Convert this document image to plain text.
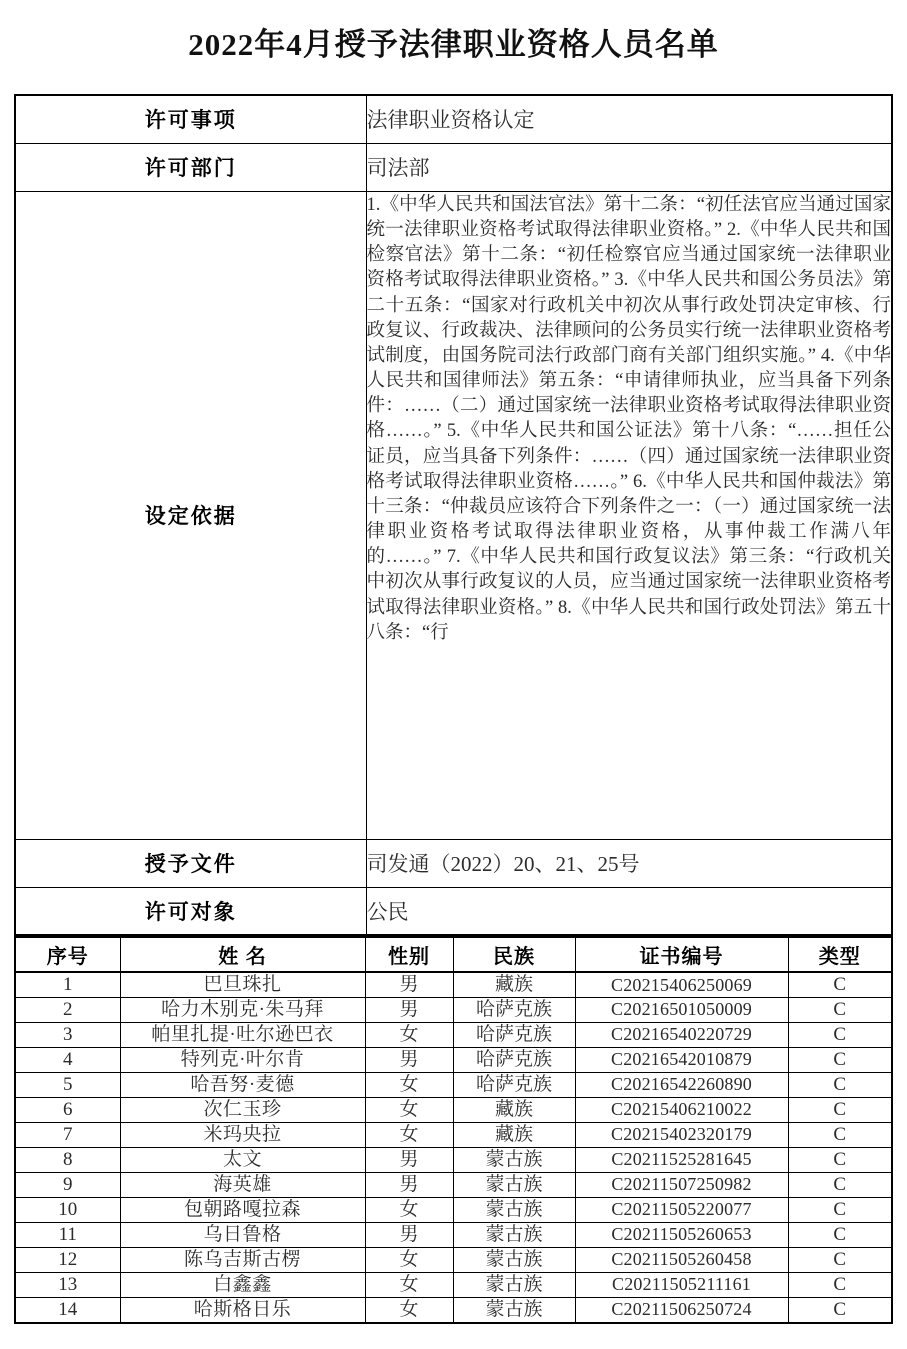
2022年4月授予法律职业资格人员名单
许可事项	法律职业资格认定
许可部门	司法部
设定依据	1.《中华人民共和国法官法》第十二条：“初任法官应当通过国家统一法律职业资格考试取得法律职业资格。” 2.《中华人民共和国检察官法》第十二条：“初任检察官应当通过国家统一法律职业资格考试取得法律职业资格。” 3.《中华人民共和国公务员法》第二十五条：“国家对行政机关中初次从事行政处罚决定审核、行政复议、行政裁决、法律顾问的公务员实行统一法律职业资格考试制度，由国务院司法行政部门商有关部门组织实施。” 4.《中华人民共和国律师法》第五条：“申请律师执业，应当具备下列条件：……（二）通过国家统一法律职业资格考试取得法律职业资格……。” 5.《中华人民共和国公证法》第十八条：“……担任公证员，应当具备下列条件：……（四）通过国家统一法律职业资格考试取得法律职业资格……。” 6.《中华人民共和国仲裁法》第十三条：“仲裁员应该符合下列条件之一：（一）通过国家统一法律职业资格考试取得法律职业资格，从事仲裁工作满八年的……。” 7.《中华人民共和国行政复议法》第三条：“行政机关中初次从事行政复议的人员，应当通过国家统一法律职业资格考试取得法律职业资格。” 8.《中华人民共和国行政处罚法》第五十八条：“行

授予文件	司发通（2022）20、21、25号
许可对象	公民
序号	姓 名	性别	民族	证书编号	类型
1	巴旦珠扎	男	藏族	C20215406250069	C
2	哈力木别克·朱马拜	男	哈萨克族	C20216501050009	C
3	帕里扎提·吐尔逊巴衣	女	哈萨克族	C20216540220729	C
4	特列克·叶尔肯	男	哈萨克族	C20216542010879	C
5	哈吾努·麦德	女	哈萨克族	C20216542260890	C
6	次仁玉珍	女	藏族	C20215406210022	C
7	米玛央拉	女	藏族	C20215402320179	C
8	太文	男	蒙古族	C20211525281645	C
9	海英雄	男	蒙古族	C20211507250982	C
10	包朝路嘎拉森	女	蒙古族	C20211505220077	C
11	乌日鲁格	男	蒙古族	C20211505260653	C
12	陈乌吉斯古楞	女	蒙古族	C20211505260458	C
13	白鑫鑫	女	蒙古族	C20211505211161	C
14	哈斯格日乐	女	蒙古族	C20211506250724	C
